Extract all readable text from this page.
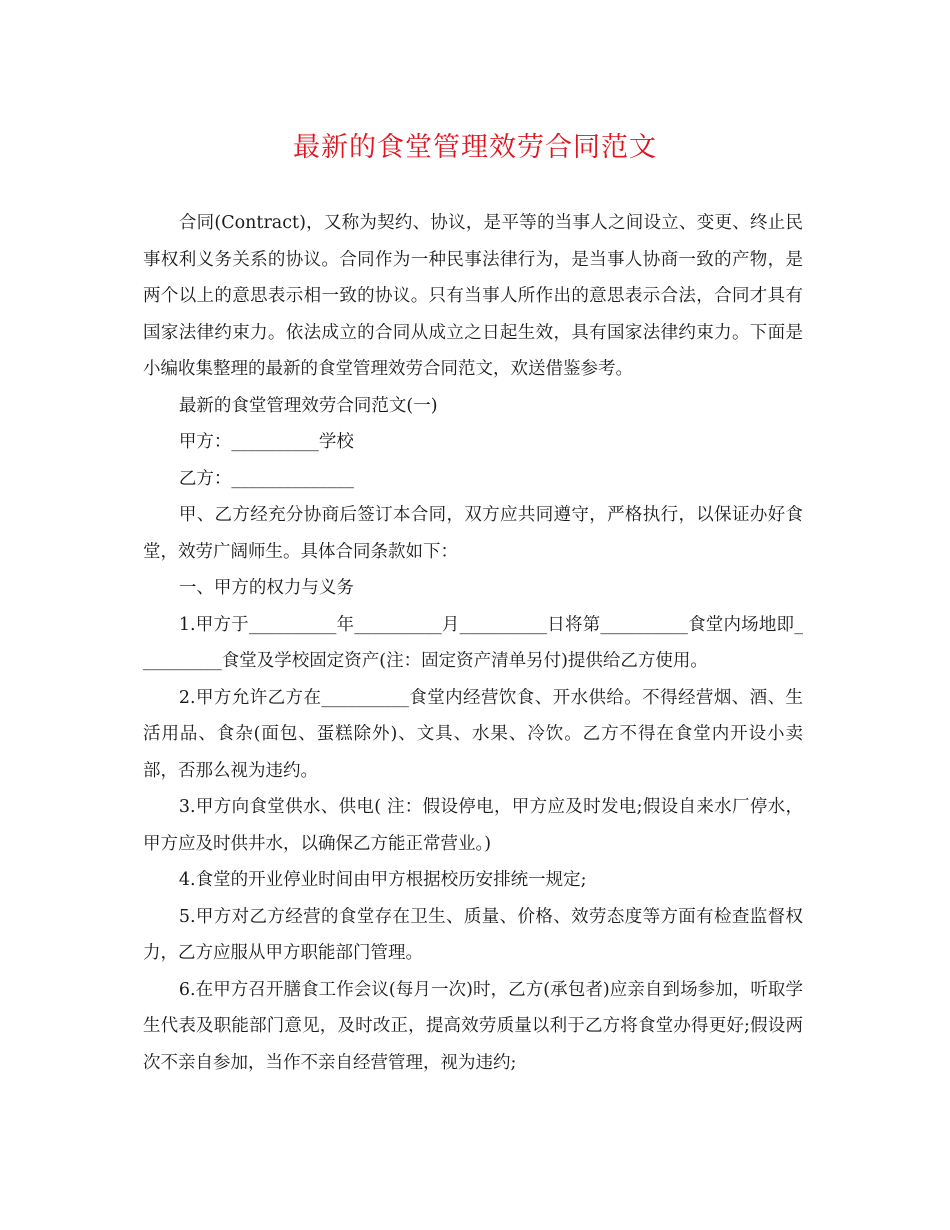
最新的食堂管理效劳合同范文

合同(Contract)，又称为契约、协议，是平等的当事人之间设立、变更、终止民事权利义务关系的协议。合同作为一种民事法律行为，是当事人协商一致的产物，是两个以上的意思表示相一致的协议。只有当事人所作出的意思表示合法，合同才具有国家法律约束力。依法成立的合同从成立之日起生效，具有国家法律约束力。下面是小编收集整理的最新的食堂管理效劳合同范文，欢送借鉴参考。

最新的食堂管理效劳合同范文(一)

甲方：__________学校

乙方：______________

甲、乙方经充分协商后签订本合同，双方应共同遵守，严格执行，以保证办好食堂，效劳广阔师生。具体合同条款如下：

一、甲方的权力与义务

1.甲方于__________年__________月__________日将第__________食堂内场地即__________食堂及学校固定资产(注：固定资产清单另付)提供给乙方使用。

2.甲方允许乙方在__________食堂内经营饮食、开水供给。不得经营烟、酒、生活用品、食杂(面包、蛋糕除外)、文具、水果、冷饮。乙方不得在食堂内开设小卖部，否那么视为违约。

3.甲方向食堂供水、供电( 注：假设停电，甲方应及时发电;假设自来水厂停水，甲方应及时供井水，以确保乙方能正常营业。)

4.食堂的开业停业时间由甲方根据校历安排统一规定;

5.甲方对乙方经营的食堂存在卫生、质量、价格、效劳态度等方面有检查监督权力，乙方应服从甲方职能部门管理。

6.在甲方召开膳食工作会议(每月一次)时，乙方(承包者)应亲自到场参加，听取学生代表及职能部门意见，及时改正，提高效劳质量以利于乙方将食堂办得更好;假设两次不亲自参加，当作不亲自经营管理，视为违约;
